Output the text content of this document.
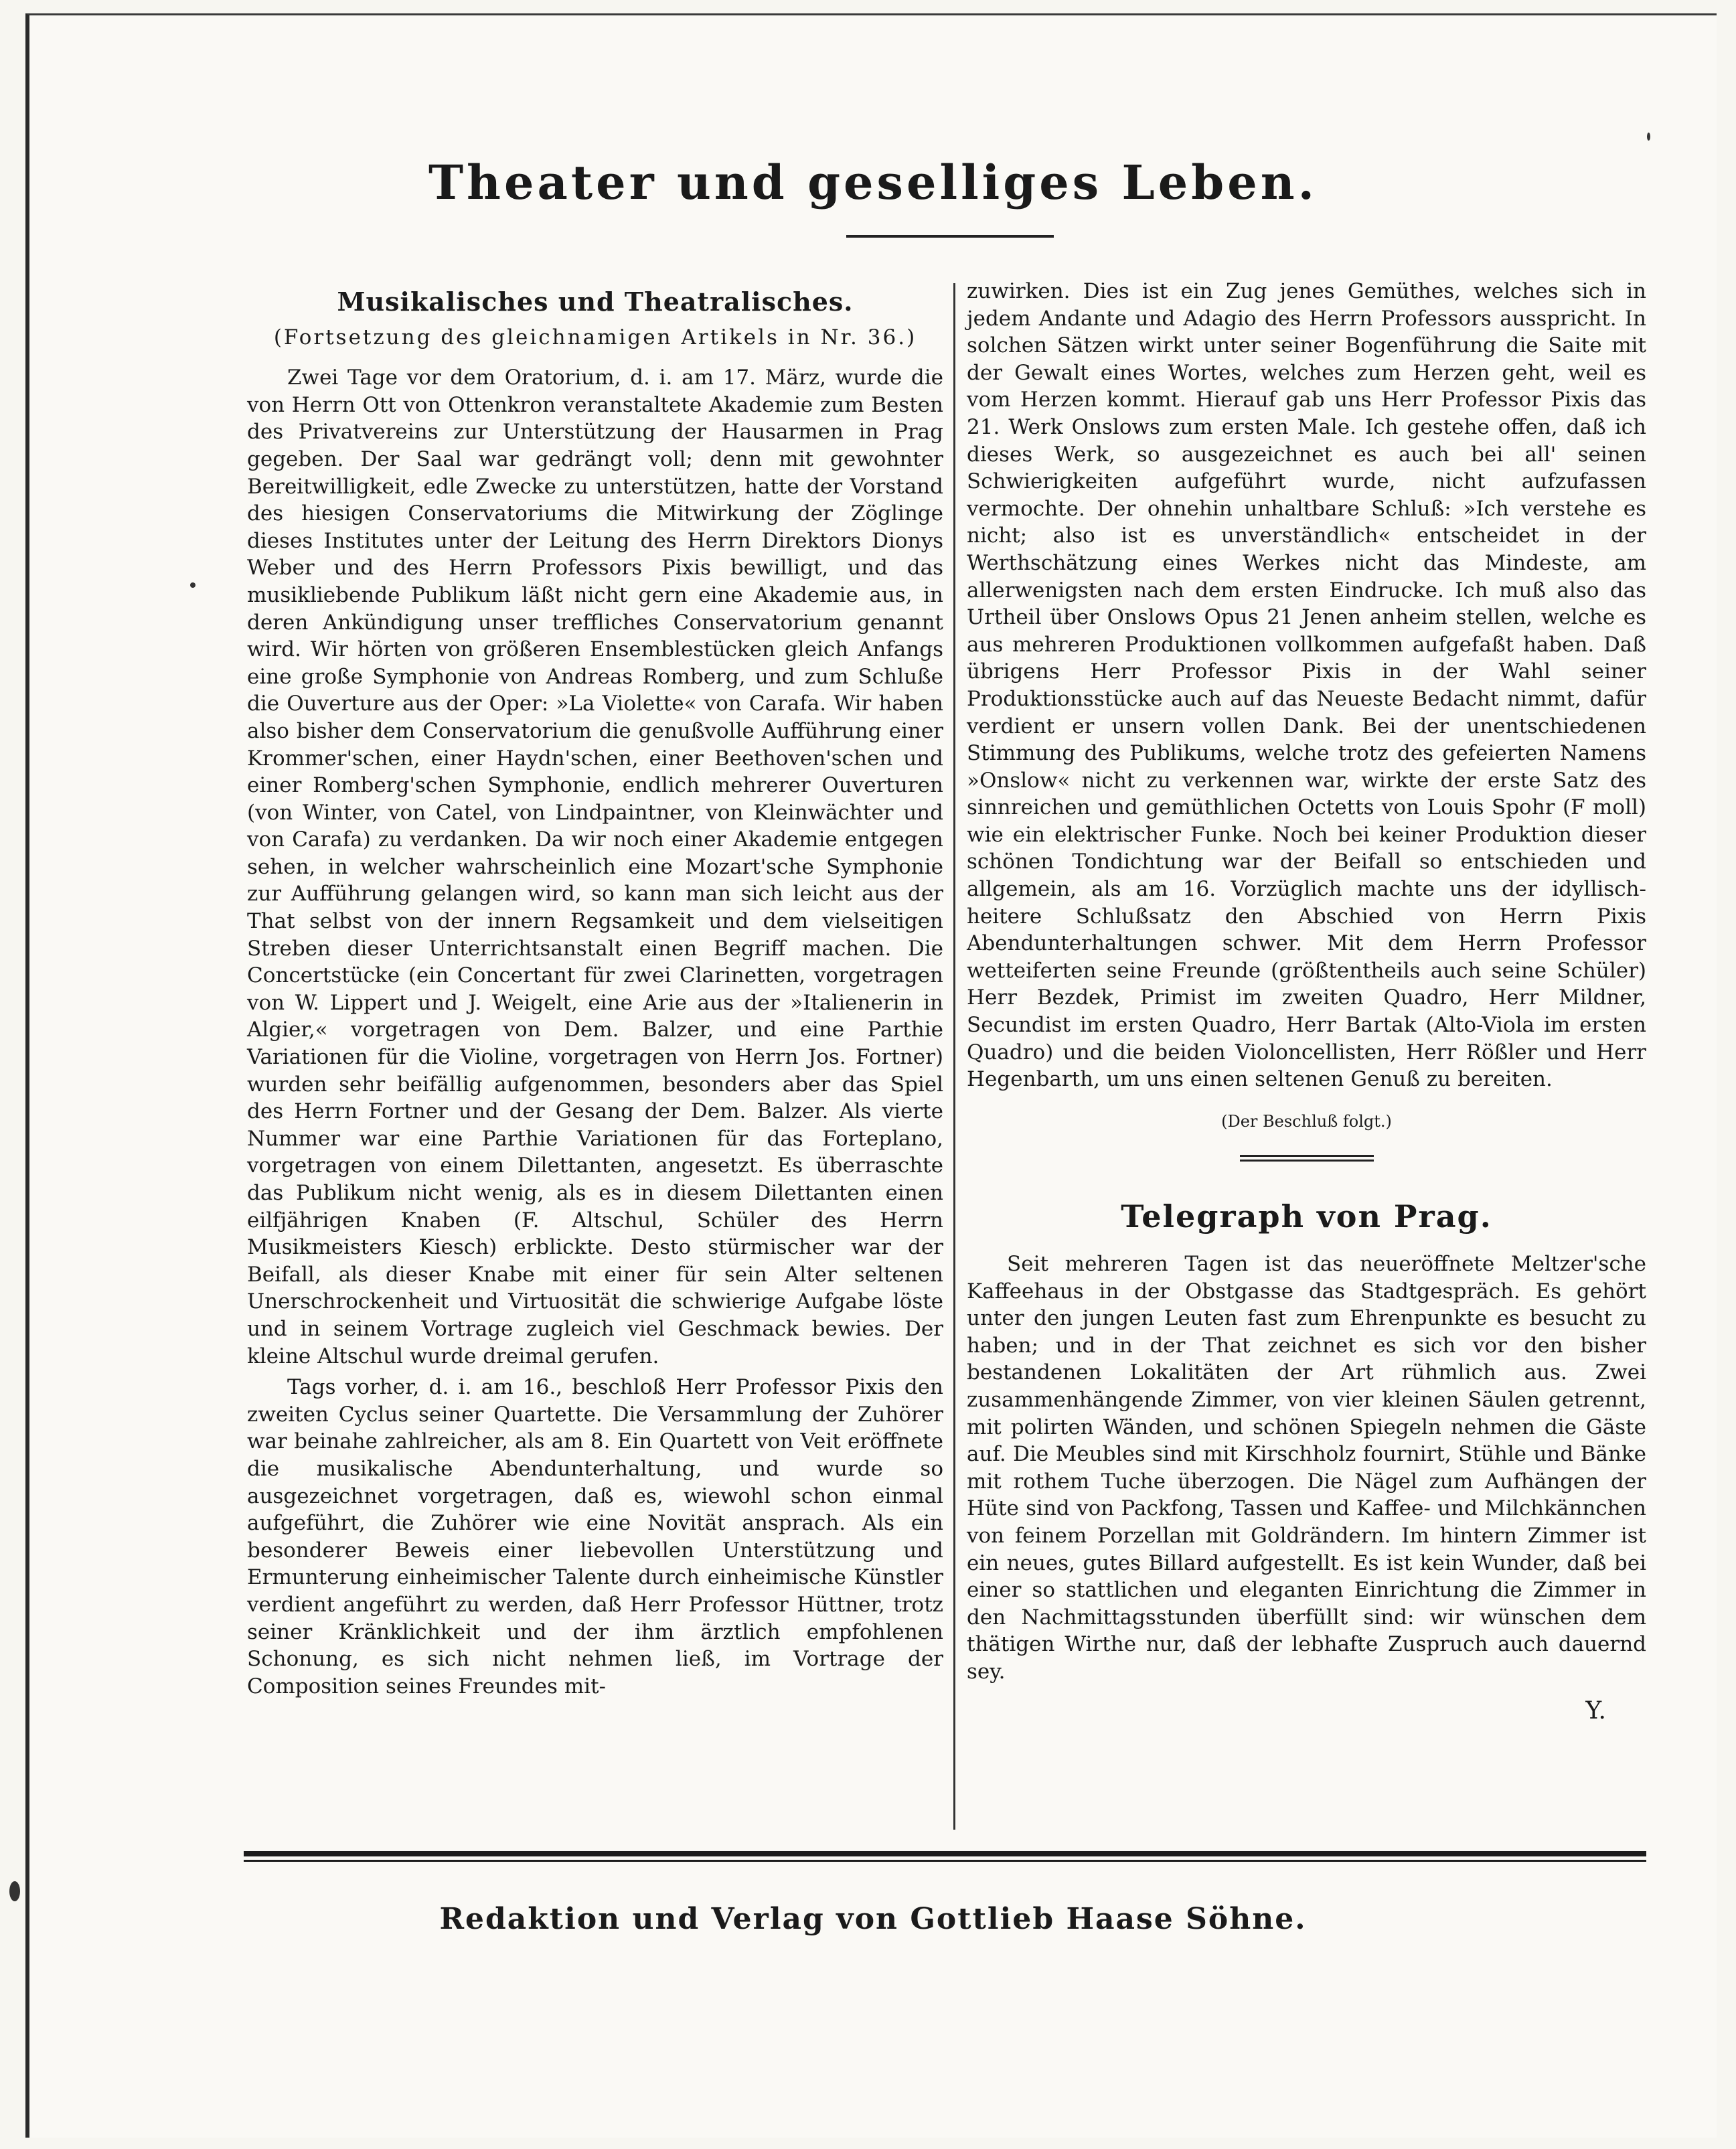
Theater und geselliges Leben.
Musikalisches und Theatralisches.
(Fortsetzung des gleichnamigen Artikels in Nr. 36.)

Zwei Tage vor dem Oratorium, d. i. am 17. März, wurde die von Herrn Ott von Ottenkron veranstaltete Akademie zum Besten des Privatvereins zur Unterstützung der Hausarmen in Prag gegeben. Der Saal war gedrängt voll; denn mit gewohnter Bereitwilligkeit, edle Zwecke zu unterstützen, hatte der Vorstand des hiesigen Conservatoriums die Mitwirkung der Zöglinge dieses Institutes unter der Leitung des Herrn Direktors Dionys Weber und des Herrn Professors Pixis bewilligt, und das musikliebende Publikum läßt nicht gern eine Akademie aus, in deren Ankündigung unser treffliches Conservatorium genannt wird. Wir hörten von größeren Ensemblestücken gleich Anfangs eine große Symphonie von Andreas Romberg, und zum Schluße die Ouverture aus der Oper: »La Violette« von Carafa. Wir haben also bisher dem Conservatorium die genußvolle Aufführung einer Krommer'schen, einer Haydn'schen, einer Beethoven'schen und einer Romberg'schen Symphonie, endlich mehrerer Ouverturen (von Winter, von Catel, von Lindpaintner, von Kleinwächter und von Carafa) zu verdanken. Da wir noch einer Akademie entgegen sehen, in welcher wahrscheinlich eine Mozart'sche Symphonie zur Aufführung gelangen wird, so kann man sich leicht aus der That selbst von der innern Regsamkeit und dem vielseitigen Streben dieser Unterrichtsanstalt einen Begriff machen. Die Concertstücke (ein Concertant für zwei Clarinetten, vorgetragen von W. Lippert und J. Weigelt, eine Arie aus der »Italienerin in Algier,« vorgetragen von Dem. Balzer, und eine Parthie Variationen für die Violine, vorgetragen von Herrn Jos. Fortner) wurden sehr beifällig aufgenommen, besonders aber das Spiel des Herrn Fortner und der Gesang der Dem. Balzer. Als vierte Nummer war eine Parthie Variationen für das Forteplano, vorgetragen von einem Dilettanten, angesetzt. Es überraschte das Publikum nicht wenig, als es in diesem Dilettanten einen eilfjährigen Knaben (F. Altschul, Schüler des Herrn Musikmeisters Kiesch) erblickte. Desto stürmischer war der Beifall, als dieser Knabe mit einer für sein Alter seltenen Unerschrockenheit und Virtuosität die schwierige Aufgabe löste und in seinem Vortrage zugleich viel Geschmack bewies. Der kleine Altschul wurde dreimal gerufen.

Tags vorher, d. i. am 16., beschloß Herr Professor Pixis den zweiten Cyclus seiner Quartette. Die Versammlung der Zuhörer war beinahe zahlreicher, als am 8. Ein Quartett von Veit eröffnete die musikalische Abendunterhaltung, und wurde so ausgezeichnet vorgetragen, daß es, wiewohl schon einmal aufgeführt, die Zuhörer wie eine Novität ansprach. Als ein besonderer Beweis einer liebevollen Unterstützung und Ermunterung einheimischer Talente durch einheimische Künstler verdient angeführt zu werden, daß Herr Professor Hüttner, trotz seiner Kränklichkeit und der ihm ärztlich empfohlenen Schonung, es sich nicht nehmen ließ, im Vortrage der Composition seines Freundes mit-

zuwirken. Dies ist ein Zug jenes Gemüthes, welches sich in jedem Andante und Adagio des Herrn Professors ausspricht. In solchen Sätzen wirkt unter seiner Bogenführung die Saite mit der Gewalt eines Wortes, welches zum Herzen geht, weil es vom Herzen kommt. Hierauf gab uns Herr Professor Pixis das 21. Werk Onslows zum ersten Male. Ich gestehe offen, daß ich dieses Werk, so ausgezeichnet es auch bei all' seinen Schwierigkeiten aufgeführt wurde, nicht aufzufassen vermochte. Der ohnehin unhaltbare Schluß: »Ich verstehe es nicht; also ist es unverständlich« entscheidet in der Werthschätzung eines Werkes nicht das Mindeste, am allerwenigsten nach dem ersten Eindrucke. Ich muß also das Urtheil über Onslows Opus 21 Jenen anheim stellen, welche es aus mehreren Produktionen vollkommen aufgefaßt haben. Daß übrigens Herr Professor Pixis in der Wahl seiner Produktionsstücke auch auf das Neueste Bedacht nimmt, dafür verdient er unsern vollen Dank. Bei der unentschiedenen Stimmung des Publikums, welche trotz des gefeierten Namens »Onslow« nicht zu verkennen war, wirkte der erste Satz des sinnreichen und gemüthlichen Octetts von Louis Spohr (F moll) wie ein elektrischer Funke. Noch bei keiner Produktion dieser schönen Tondichtung war der Beifall so entschieden und allgemein, als am 16. Vorzüglich machte uns der idyllisch-heitere Schlußsatz den Abschied von Herrn Pixis Abendunterhaltungen schwer. Mit dem Herrn Professor wetteiferten seine Freunde (größtentheils auch seine Schüler) Herr Bezdek, Primist im zweiten Quadro, Herr Mildner, Secundist im ersten Quadro, Herr Bartak (Alto-Viola im ersten Quadro) und die beiden Violoncellisten, Herr Rößler und Herr Hegenbarth, um uns einen seltenen Genuß zu bereiten.

(Der Beschluß folgt.)
Telegraph von Prag.

Seit mehreren Tagen ist das neueröffnete Meltzer'sche Kaffeehaus in der Obstgasse das Stadtgespräch. Es gehört unter den jungen Leuten fast zum Ehrenpunkte es besucht zu haben; und in der That zeichnet es sich vor den bisher bestandenen Lokalitäten der Art rühmlich aus. Zwei zusammenhängende Zimmer, von vier kleinen Säulen getrennt, mit polirten Wänden, und schönen Spiegeln nehmen die Gäste auf. Die Meubles sind mit Kirschholz fournirt, Stühle und Bänke mit rothem Tuche überzogen. Die Nägel zum Aufhängen der Hüte sind von Packfong, Tassen und Kaffee- und Milchkännchen von feinem Porzellan mit Goldrändern. Im hintern Zimmer ist ein neues, gutes Billard aufgestellt. Es ist kein Wunder, daß bei einer so stattlichen und eleganten Einrichtung die Zimmer in den Nachmittagsstunden überfüllt sind: wir wünschen dem thätigen Wirthe nur, daß der lebhafte Zuspruch auch dauernd sey.

Y.
Redaktion und Verlag von Gottlieb Haase Söhne.
